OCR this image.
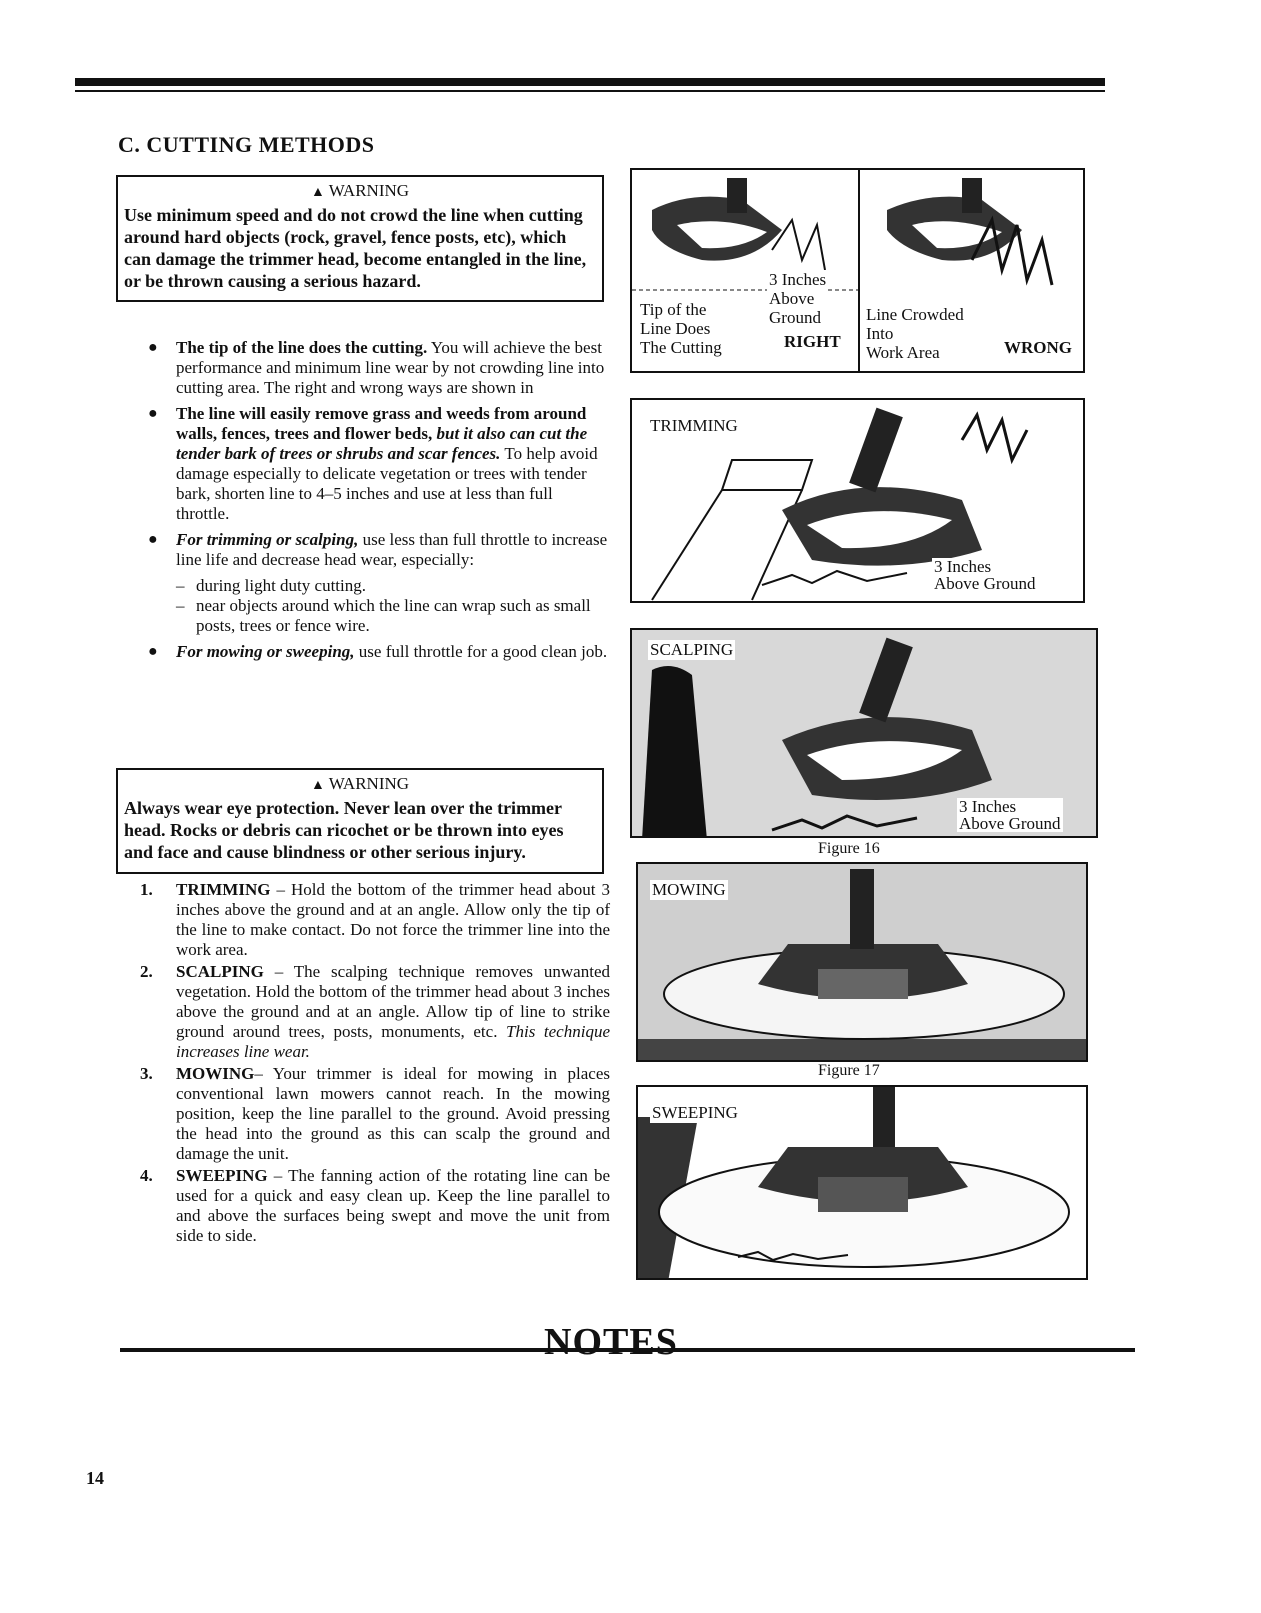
C. CUTTING METHODS
▲ WARNING
Use minimum speed and do not crowd the line when cutting around hard objects (rock, gravel, fence posts, etc), which can damage the trimmer head, become entangled in the line, or be thrown causing a serious hazard.
● The tip of the line does the cutting. You will achieve the best performance and minimum line wear by not crowding line into cutting area. The right and wrong ways are shown in
● The line will easily remove grass and weeds from around walls, fences, trees and flower beds, but it also can cut the tender bark of trees or shrubs and scar fences. To help avoid damage especially to delicate vegetation or trees with tender bark, shorten line to 4–5 inches and use at less than full throttle.
● For trimming or scalping, use less than full throttle to increase line life and decrease head wear, especially:
– during light duty cutting.
– near objects around which the line can wrap such as small posts, trees or fence wire.
● For mowing or sweeping, use full throttle for a good clean job.
▲ WARNING
Always wear eye protection. Never lean over the trimmer head. Rocks or debris can ricochet or be thrown into eyes and face and cause blindness or other serious injury.
1. TRIMMING – Hold the bottom of the trimmer head about 3 inches above the ground and at an angle. Allow only the tip of the line to make contact. Do not force the trimmer line into the work area.
2. SCALPING – The scalping technique removes unwanted vegetation. Hold the bottom of the trimmer head about 3 inches above the ground and at an angle. Allow tip of line to strike ground around trees, posts, monuments, etc. This technique increases line wear.
3. MOWING– Your trimmer is ideal for mowing in places conventional lawn mowers cannot reach. In the mowing position, keep the line parallel to the ground. Avoid pressing the head into the ground as this can scalp the ground and damage the unit.
4. SWEEPING – The fanning action of the rotating line can be used for a quick and easy clean up. Keep the line parallel to and above the surfaces being swept and move the unit from side to side.
Tip of the
Line Does
The Cutting
3 Inches
Above
Ground
RIGHT
Line Crowded
Into
Work Area	WRONG
TRIMMING
3 Inches
Above Ground
SCALPING
3 Inches
Above Ground
Figure 16
MOWING
Figure 17
SWEEPING
NOTES
14
